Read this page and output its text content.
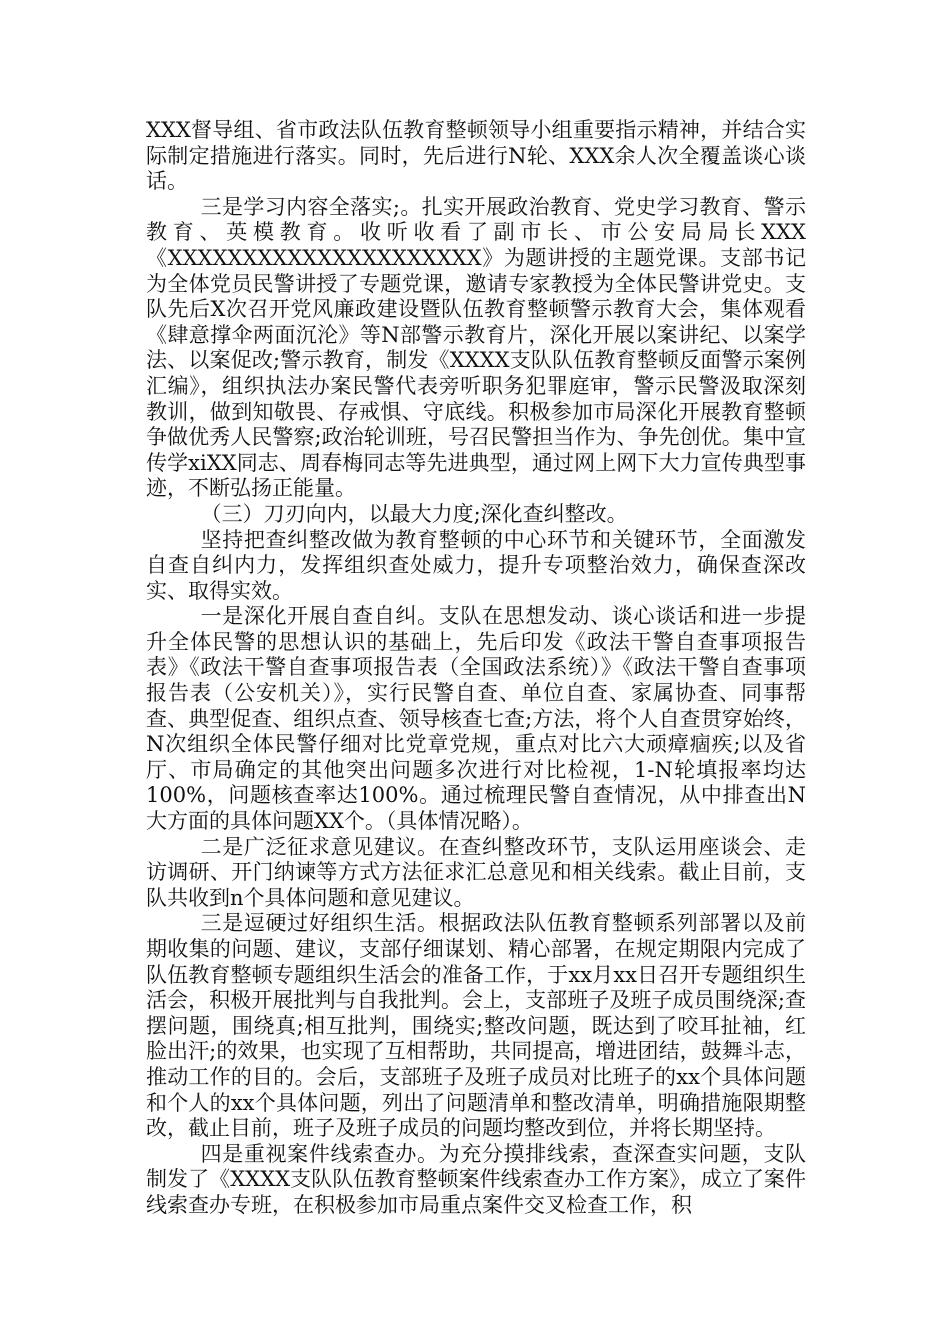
XXX督导组、省市政法队伍教育整顿领导小组重要指示精神，并结合实际制定措施进行落实。同时，先后进行N轮、XXX余人次全覆盖谈心谈话。

三是学习内容全落实;。扎实开展政治教育、党史学习教育、警示教育、英模教育。收听收看了副市长、市公安局局长XXX《XXXXXXXXXXXXXXXXXXXXX》为题讲授的主题党课。支部书记为全体党员民警讲授了专题党课，邀请专家教授为全体民警讲党史。支队先后X次召开党风廉政建设暨队伍教育整顿警示教育大会，集体观看《肆意撑伞两面沉沦》等N部警示教育片，深化开展以案讲纪、以案学法、以案促改;警示教育，制发《XXXX支队队伍教育整顿反面警示案例汇编》，组织执法办案民警代表旁听职务犯罪庭审，警示民警汲取深刻教训，做到知敬畏、存戒惧、守底线。积极参加市局深化开展教育整顿争做优秀人民警察;政治轮训班，号召民警担当作为、争先创优。集中宣传学xiXX同志、周春梅同志等先进典型，通过网上网下大力宣传典型事迹，不断弘扬正能量。

（三）刀刃向内，以最大力度;深化查纠整改。

坚持把查纠整改做为教育整顿的中心环节和关键环节，全面激发自查自纠内力，发挥组织查处威力，提升专项整治效力，确保查深改实、取得实效。

一是深化开展自查自纠。支队在思想发动、谈心谈话和进一步提升全体民警的思想认识的基础上，先后印发《政法干警自查事项报告表》《政法干警自查事项报告表（全国政法系统）》《政法干警自查事项报告表（公安机关）》，实行民警自查、单位自查、家属协查、同事帮查、典型促查、组织点查、领导核查七查;方法，将个人自查贯穿始终，N次组织全体民警仔细对比党章党规，重点对比六大顽瘴痼疾;以及省厅、市局确定的其他突出问题多次进行对比检视，1-N轮填报率均达100%，问题核查率达100%。通过梳理民警自查情况，从中排查出N大方面的具体问题XX个。（具体情况略）。

二是广泛征求意见建议。在查纠整改环节，支队运用座谈会、走访调研、开门纳谏等方式方法征求汇总意见和相关线索。截止目前，支队共收到n个具体问题和意见建议。

三是逗硬过好组织生活。根据政法队伍教育整顿系列部署以及前期收集的问题、建议，支部仔细谋划、精心部署，在规定期限内完成了队伍教育整顿专题组织生活会的准备工作，于xx月xx日召开专题组织生活会，积极开展批判与自我批判。会上，支部班子及班子成员围绕深;查摆问题，围绕真;相互批判，围绕实;整改问题，既达到了咬耳扯袖，红脸出汗;的效果，也实现了互相帮助，共同提高，增进团结，鼓舞斗志，推动工作的目的。会后，支部班子及班子成员对比班子的xx个具体问题和个人的xx个具体问题，列出了问题清单和整改清单，明确措施限期整改，截止目前，班子及班子成员的问题均整改到位，并将长期坚持。

四是重视案件线索查办。为充分摸排线索，查深查实问题，支队制发了《XXXX支队队伍教育整顿案件线索查办工作方案》，成立了案件线索查办专班，在积极参加市局重点案件交叉检查工作，积
